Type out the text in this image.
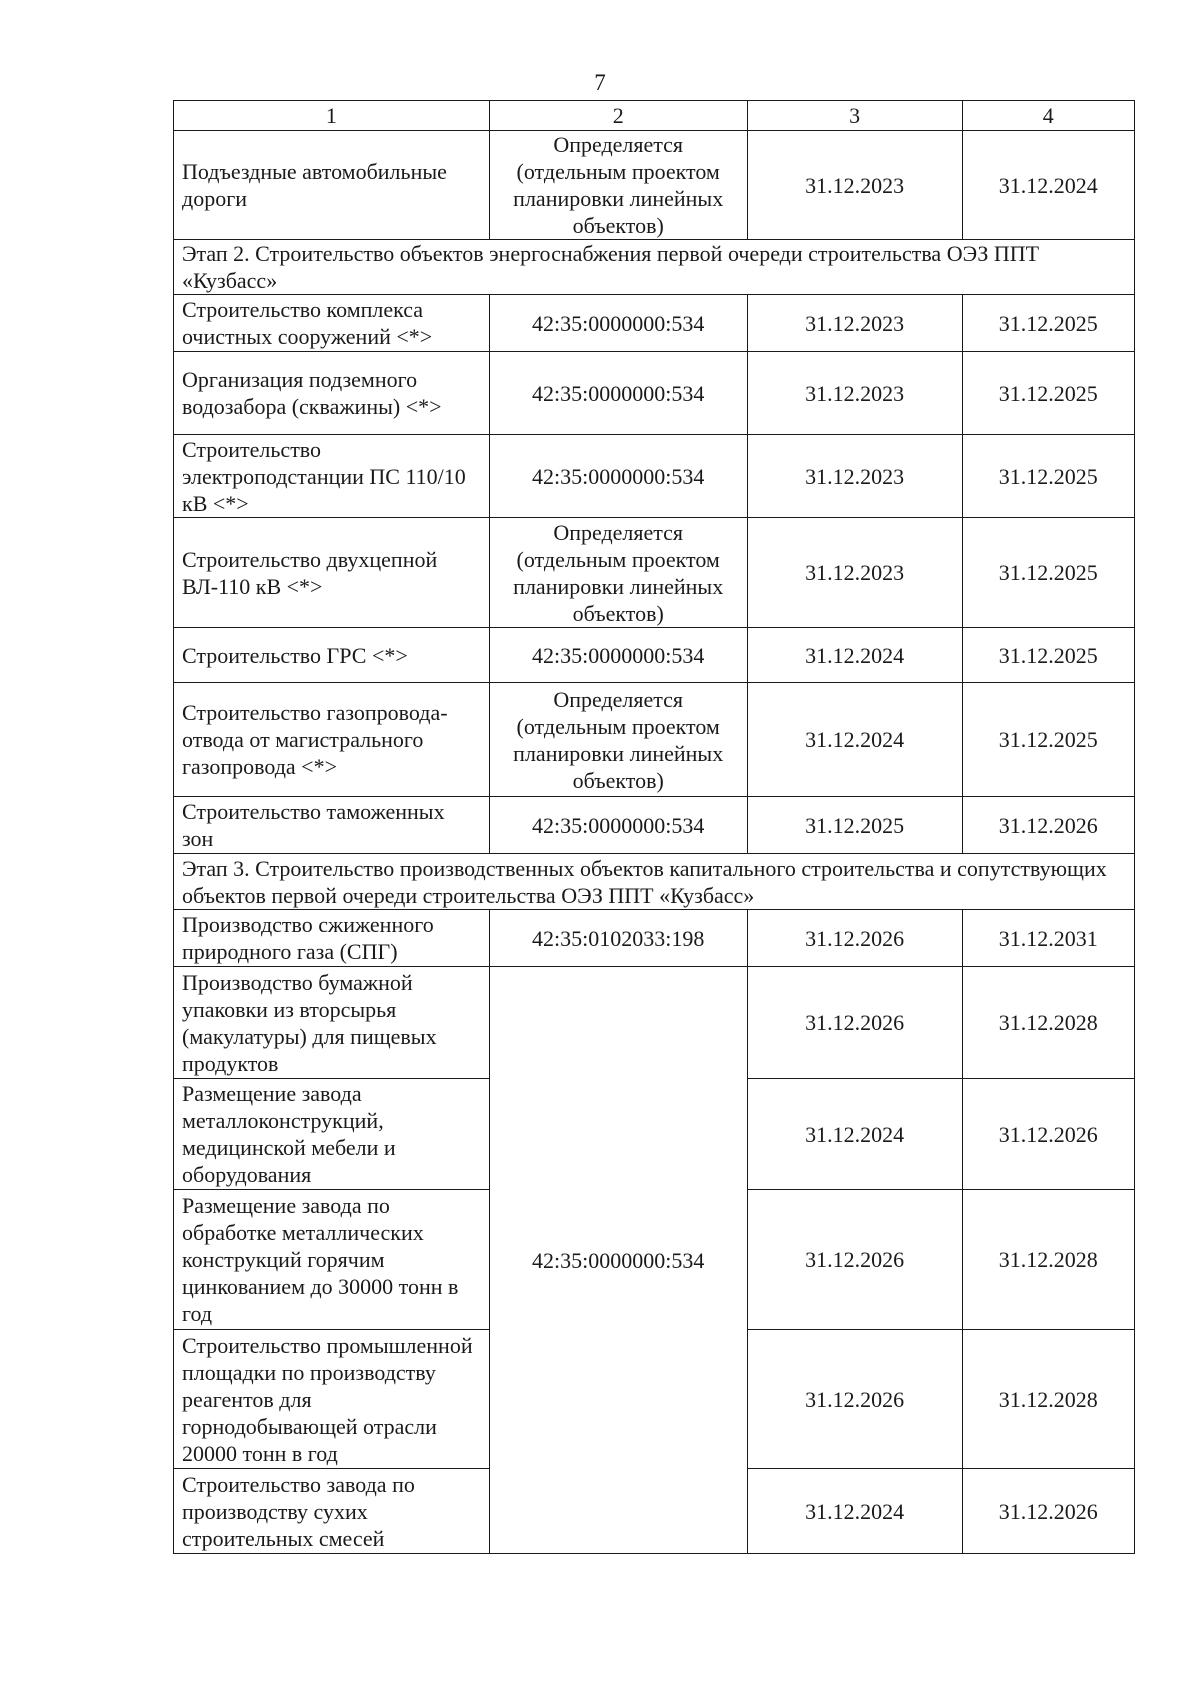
7
1	2	3	4
Подъездные автомобильные дороги	Определяется (отдельным проектом планировки линейных объектов)	31.12.2023	31.12.2024
Этап 2. Строительство объектов энергоснабжения первой очереди строительства ОЭЗ ППТ «Кузбасс»			
Строительство комплекса очистных сооружений <*>	42:35:0000000:534	31.12.2023	31.12.2025
Организация подземного водозабора (скважины) <*>	42:35:0000000:534	31.12.2023	31.12.2025
Строительство электроподстанции ПС 110/10 кВ <*>	42:35:0000000:534	31.12.2023	31.12.2025
Строительство двухцепной ВЛ-110 кВ <*>	Определяется (отдельным проектом планировки линейных объектов)	31.12.2023	31.12.2025
Строительство ГРС <*>	42:35:0000000:534	31.12.2024	31.12.2025
Строительство газопровода-отвода от магистрального газопровода <*>	Определяется (отдельным проектом планировки линейных объектов)	31.12.2024	31.12.2025
Строительство таможенных зон	42:35:0000000:534	31.12.2025	31.12.2026
Этап 3. Строительство производственных объектов капитального строительства и сопутствующих объектов первой очереди строительства ОЭЗ ППТ «Кузбасс»			
Производство сжиженного природного газа (СПГ)	42:35:0102033:198	31.12.2026	31.12.2031
Производство бумажной упаковки из вторсырья (макулатуры) для пищевых продуктов	42:35:0000000:534	31.12.2026	31.12.2028
Размещение завода металлоконструкций, медицинской мебели и оборудования		31.12.2024	31.12.2026
Размещение завода по обработке металлических конструкций горячим цинкованием до 30000 тонн в год		31.12.2026	31.12.2028
Строительство промышленной площадки по производству реагентов для горнодобывающей отрасли 20000 тонн в год		31.12.2026	31.12.2028
Строительство завода по производству сухих строительных смесей		31.12.2024	31.12.2026
